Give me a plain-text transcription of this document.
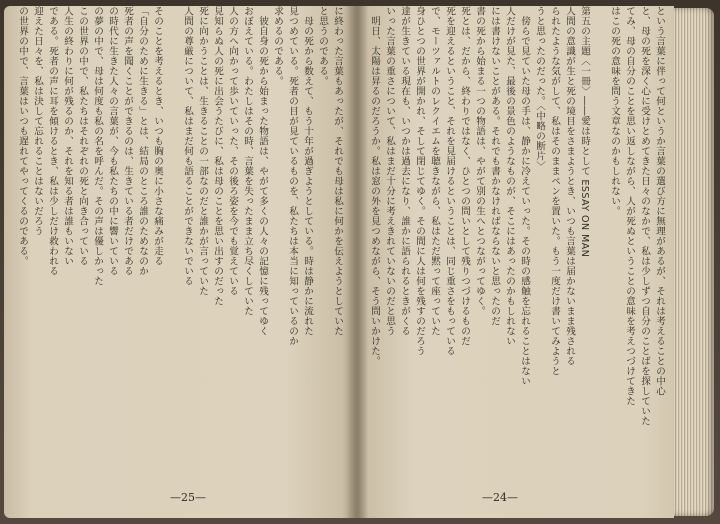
に終わった言葉もあったが、それでも母は私に何かを伝えようとしていた
と思うのである。
　母の死から数えて、もう十年が過ぎようとしている。時は静かに流れた
見つめている。死者の目が見ているものを、私たちは本当に知っているのか
求めるのである。
　彼自身の死から始まった物語は、やがて多くの人々の記憶に残ってゆく
おぼえている。わたしはその時、言葉を失ったまま立ち尽くしていた
人の方へ向かって歩いていった、その後ろ姿を今でも覚えている
見知らぬ人の死に出会うたびに、私は母のことを思い出すのだった
死に向かうことは、生きることの一部なのだと誰かが言っていた
人間の尊厳について、私はまだ何も語ることができないでいる
そのことを考えるとき、いつも胸の奥に小さな痛みが走る
「自分のために生きる」とは、結局のところ誰のためなのか
死者の声を聞くことができるのは、生きている者だけである
の時代に生きた人々の言葉が、今も私たちの中に響いている
の夢の中で、母は何度も私の名を呼んだ。その声は優しかった
この世界の中で、私たちはそれぞれの死と向き合っている
人生の終わりに何が残るのか、それを知る者は誰もいない
である。死者の声に耳を傾けるとき、私は少しだけ救われる
迎えた日々を、私は決して忘れることはないだろう
の世界の中で、言葉はいつも遅れてやってくるのである。
—25—
という言葉に伴って何というか言葉の選び方に無理があるが、それは考えることの中心
と、母の死を深く心に受けとめてきた日々のなかで、私は少しずつ自分のことばを探していた
てみ、母の自分のことを思い返しながら、人が死ぬということの意味を考えつづけてきた
はこの死の意味を問う文章なのかもしれない。
第五の主題〈一冊〉――愛は時として ESSAY ON MAN
人間の意識が生と死の境目をさまようとき、いつも言葉は届かないまま残される
られたような気がして、私はそのままペンを置いた。もう一度だけ書いてみようと
うと思ったのだった。〈中略の断片〉
　傍らで見ていた母の手は、静かに冷えていった。その時の感触を忘れることはない
人だけが見た、最後の景色のようなものが、そこにはあったのかもしれない
には書けないことがある。それでも書かなければならないと思ったのだ
書の死から始まる一つの物語は、やがて別の生へとつながってゆく。
死とは、だから、終わりではなく、ひとつの問いとして残りつづけるものだ
死を迎えるということ、それを見届けるということは、同じ重さをもっている
で、モーツァルトのレクイエムを聴きながら、私はただ黙って座っていた
身ひとつの世界が開かれ、そして閉じてゆく。その間に人は何を残すのだろう
達が生きている現在も、いつかは過去になり、誰かに語られるときがくる
いった言葉の重さについて、私はまだ十分に考えきれていないのだと思う
　明日、太陽は昇るのだろうか。私は窓の外を見つめながら、そう問いかけた。
—24—
